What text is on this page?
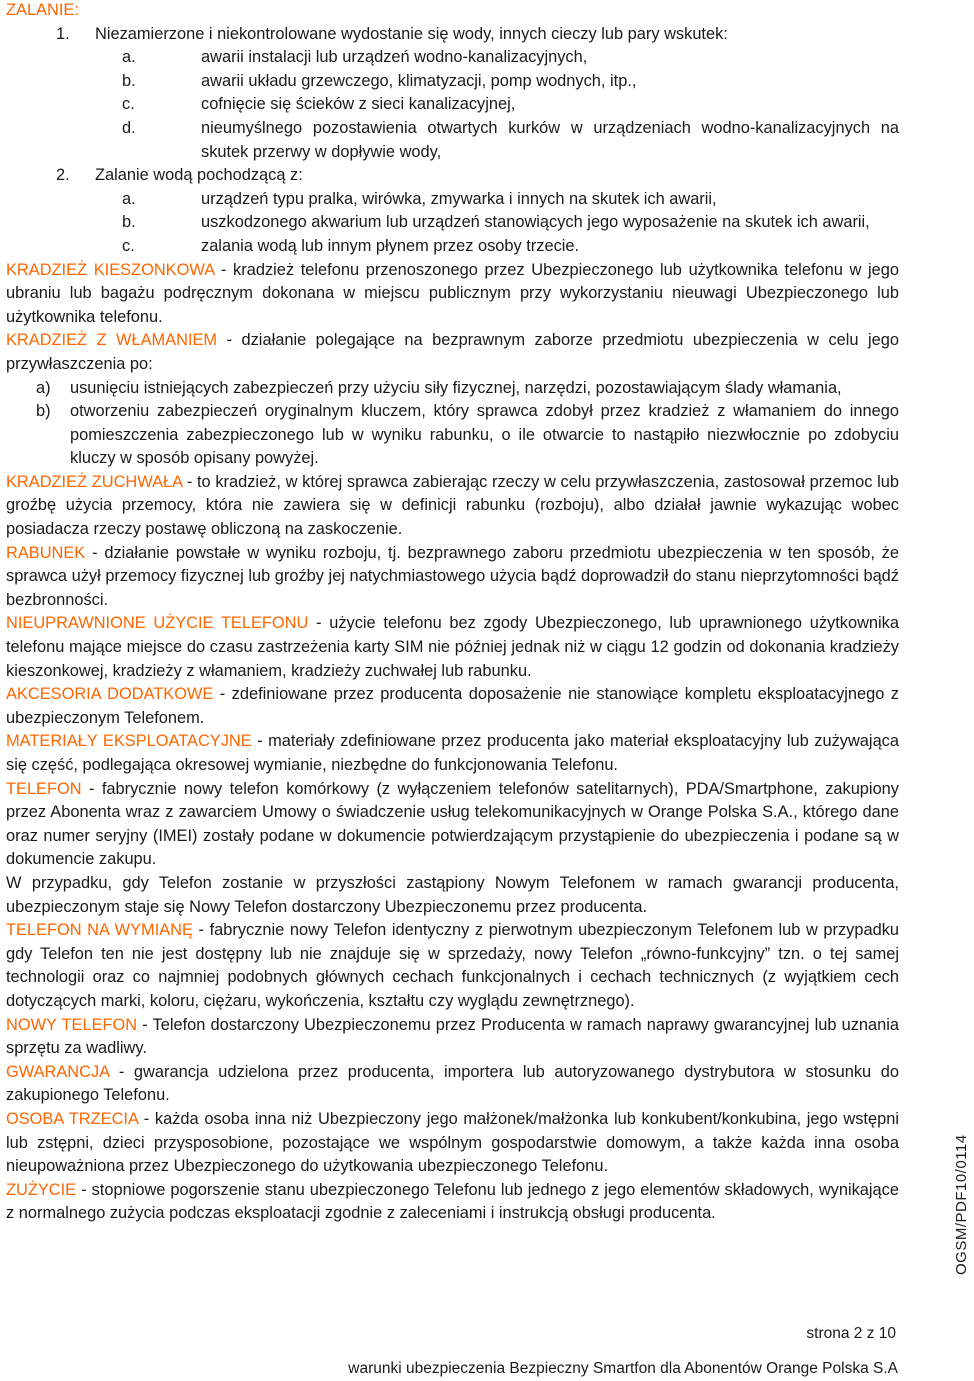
ZALANIE:

1.	Niezamierzone i niekontrolowane wydostanie się wody, innych cieczy lub pary wskutek:

a.	awarii instalacji lub urządzeń wodno-kanalizacyjnych,

b.	awarii układu grzewczego, klimatyzacji, pomp wodnych, itp.,

c.	cofnięcie się ścieków z sieci kanalizacyjnej,

d.	nieumyślnego pozostawienia otwartych kurków w urządzeniach wodno-kanalizacyjnych na skutek przerwy w dopływie wody,

2.	Zalanie wodą pochodzącą z:

a.	urządzeń typu pralka, wirówka, zmywarka i innych na skutek ich awarii,

b.	uszkodzonego akwarium lub urządzeń stanowiących jego wyposażenie na skutek ich awarii,

c.	zalania wodą lub innym płynem przez osoby trzecie.

KRADZIEŻ KIESZONKOWA - kradzież telefonu przenoszonego przez Ubezpieczonego lub użytkownika telefonu w jego ubraniu lub bagażu podręcznym dokonana w miejscu publicznym przy wykorzystaniu nieuwagi Ubezpieczonego lub użytkownika telefonu.

KRADZIEŻ Z WŁAMANIEM - działanie polegające na bezprawnym zaborze przedmiotu ubezpieczenia w celu jego przywłaszczenia po:

a)	usunięciu istniejących zabezpieczeń przy użyciu siły fizycznej, narzędzi, pozostawiającym ślady włamania,

b)	otworzeniu zabezpieczeń oryginalnym kluczem, który sprawca zdobył przez kradzież z włamaniem do innego pomieszczenia zabezpieczonego lub w wyniku rabunku, o ile otwarcie to nastąpiło niezwłocznie po zdobyciu kluczy w sposób opisany powyżej.

KRADZIEŻ ZUCHWAŁA - to kradzież, w której sprawca zabierając rzeczy w celu przywłaszczenia, zastosował przemoc lub groźbę użycia przemocy, która nie zawiera się w definicji rabunku (rozboju), albo działał jawnie wykazując wobec posiadacza rzeczy postawę obliczoną na zaskoczenie.

RABUNEK - działanie powstałe w wyniku rozboju, tj. bezprawnego zaboru przedmiotu ubezpieczenia w ten sposób, że sprawca użył przemocy fizycznej lub groźby jej natychmiastowego użycia bądź doprowadził do stanu nieprzytomności bądź bezbronności.

NIEUPRAWNIONE UŻYCIE TELEFONU - użycie telefonu bez zgody Ubezpieczonego, lub uprawnionego użytkownika telefonu mające miejsce do czasu zastrzeżenia karty SIM nie później jednak niż w ciągu 12 godzin od dokonania kradzieży kieszonkowej, kradzieży z włamaniem, kradzieży zuchwałej lub rabunku.

AKCESORIA DODATKOWE - zdefiniowane przez producenta doposażenie nie stanowiące kompletu eksploatacyjnego z ubezpieczonym Telefonem.

MATERIAŁY EKSPLOATACYJNE - materiały zdefiniowane przez producenta jako materiał eksploatacyjny lub zużywająca się część, podlegająca okresowej wymianie, niezbędne do funkcjonowania Telefonu.

TELEFON - fabrycznie nowy telefon komórkowy (z wyłączeniem telefonów satelitarnych), PDA/Smartphone, zakupiony przez Abonenta wraz z zawarciem Umowy o świadczenie usług telekomunikacyjnych w Orange Polska S.A., którego dane oraz numer seryjny (IMEI) zostały podane w dokumencie potwierdzającym przystąpienie do ubezpieczenia i podane są w dokumencie zakupu.

W przypadku, gdy Telefon zostanie w przyszłości zastąpiony Nowym Telefonem w ramach gwarancji producenta, ubezpieczonym staje się Nowy Telefon dostarczony Ubezpieczonemu przez producenta.

TELEFON NA WYMIANĘ - fabrycznie nowy Telefon identyczny z pierwotnym ubezpieczonym Telefonem lub w przypadku gdy Telefon ten nie jest dostępny lub nie znajduje się w sprzedaży, nowy Telefon „równo-funkcyjny” tzn. o tej samej technologii oraz co najmniej podobnych głównych cechach funkcjonalnych i cechach technicznych (z wyjątkiem cech dotyczących marki, koloru, ciężaru, wykończenia, kształtu czy wyglądu zewnętrznego).

NOWY TELEFON - Telefon dostarczony Ubezpieczonemu przez Producenta w ramach naprawy gwarancyjnej lub uznania sprzętu za wadliwy.

GWARANCJA - gwarancja udzielona przez producenta, importera lub autoryzowanego dystrybutora w stosunku do zakupionego Telefonu.

OSOBA TRZECIA - każda osoba inna niż Ubezpieczony jego małżonek/małżonka lub konkubent/konkubina, jego wstępni lub zstępni, dzieci przysposobione, pozostające we wspólnym gospodarstwie domowym, a także każda inna osoba nieupoważniona przez Ubezpieczonego do użytkowania ubezpieczonego Telefonu.

ZUŻYCIE - stopniowe pogorszenie stanu ubezpieczonego Telefonu lub jednego z jego elementów składowych, wynikające z normalnego zużycia podczas eksploatacji zgodnie z zaleceniami i instrukcją obsługi producenta.	OGSM/PDF10/0114
strona 2 z 10
warunki ubezpieczenia Bezpieczny Smartfon dla Abonentów Orange Polska S.A
